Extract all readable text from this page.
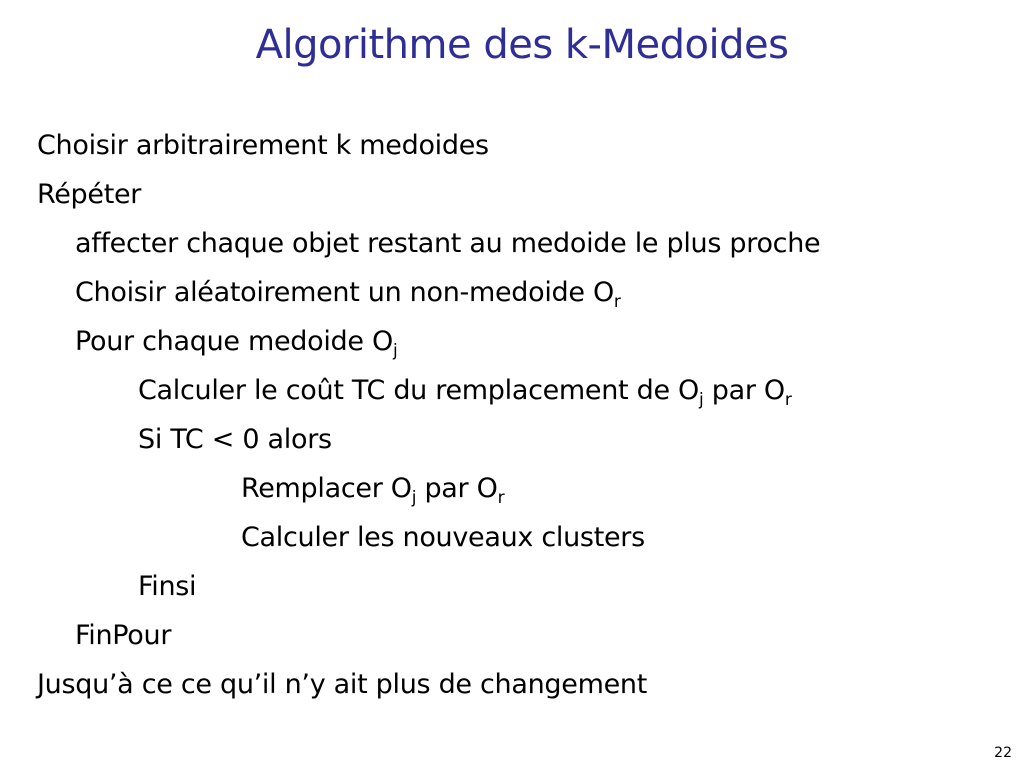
Algorithme des k-Medoides
Choisir arbitrairement k medoides
Répéter
affecter chaque objet restant au medoide le plus proche
Choisir aléatoirement un non-medoide $O_r$
Pour chaque medoide $O_j$
Calculer le coût TC du remplacement de $O_j$ par $O_r$
Si TC < 0 alors
Remplacer $O_j$ par $O_r$
Calculer les nouveaux clusters
Finsi
FinPour
Jusqu’à ce ce qu’il n’y ait plus de changement
22
